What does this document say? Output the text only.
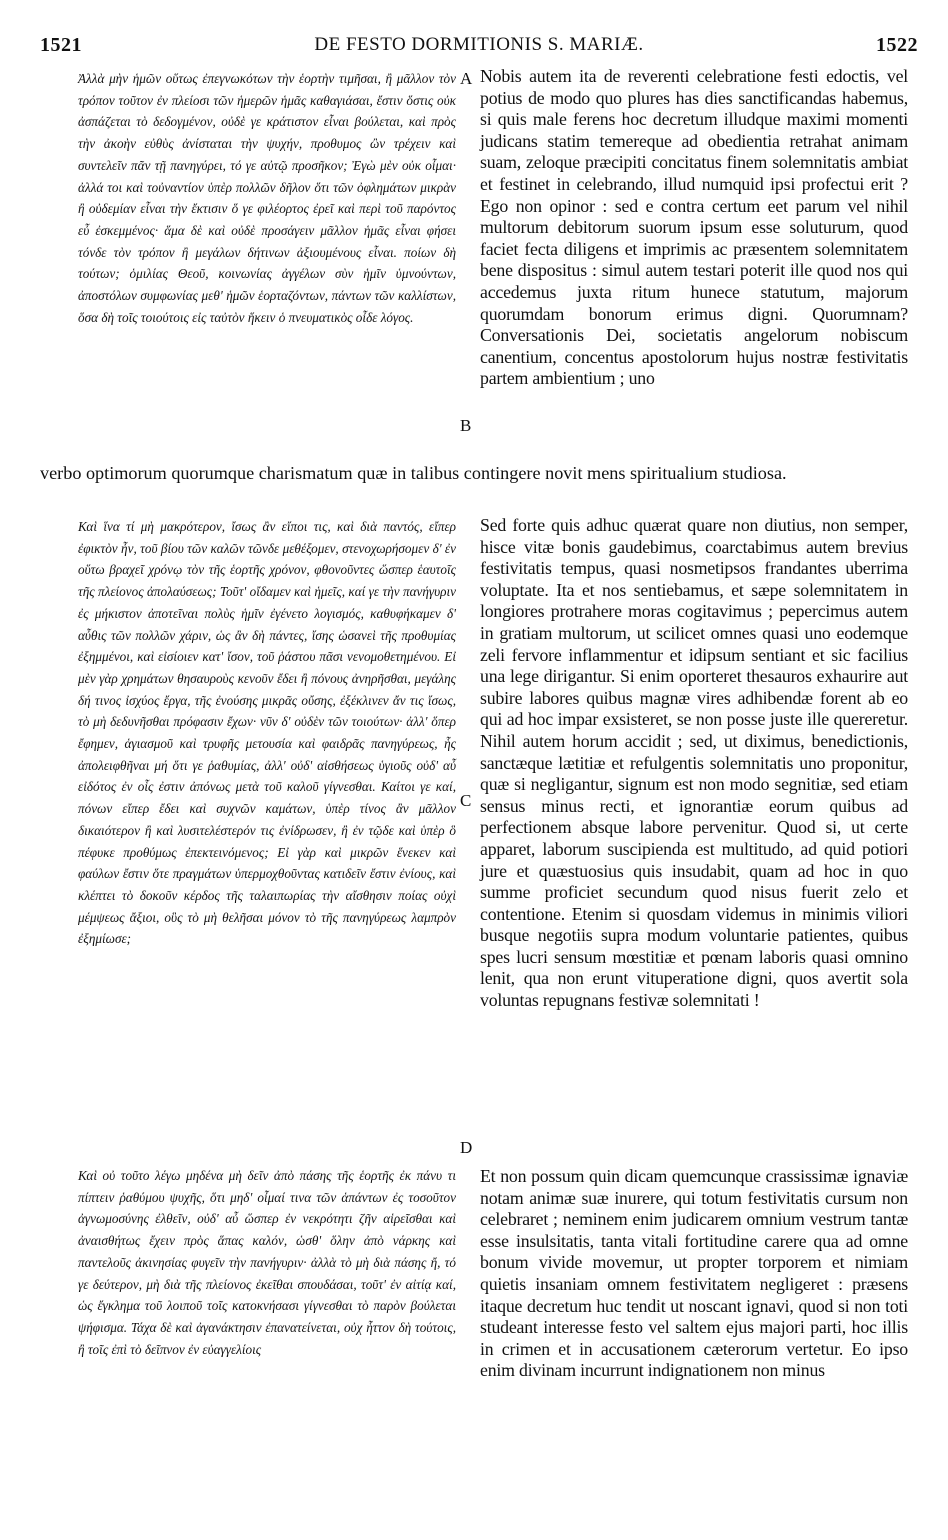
1521	DE FESTO DORMITIONIS S. MARIÆ.	1522

Ἀλλὰ μὴν ἡμῶν οὕτως ἐπεγνωκότων τὴν ἑορτὴν τιμῆσαι, ἢ μᾶλλον τὸν τρόπον τοῦτον ἐν πλείοσι τῶν ἡμερῶν ἡμᾶς καθαγιάσαι, ἔστιν ὅστις οὐκ ἀσπάζεται τὸ δεδογμένον, οὐδὲ γε κράτιστον εἶναι βούλεται, καὶ πρὸς τὴν ἀκοὴν εὐθὺς ἀνίσταται τὴν ψυχήν, προθυμος ὢν τρέχειν καὶ συντελεῖν πᾶν τῇ πανηγύρει, τό γε αὐτῷ προσῆκον; Ἐγὼ μὲν οὐκ οἶμαι· ἀλλά τοι καὶ τοὐναντίον ὑπὲρ πολλῶν δῆλον ὅτι τῶν ὀφλημάτων μικρὰν ἢ οὐδεμίαν εἶναι τὴν ἔκτισιν ὅ γε φιλέορτος ἐρεῖ καὶ περὶ τοῦ παρόντος εὖ ἐσκεμμένος· ἅμα δὲ καὶ οὐδὲ προσάγειν μᾶλλον ἡμᾶς εἶναι φήσει τόνδε τὸν τρόπον ἢ μεγάλων δήτινων ἀξιουμένους εἶναι. ποίων δὴ τούτων; ὁμιλίας Θεοῦ, κοινωνίας ἀγγέλων σὺν ἡμῖν ὑμνούντων, ἀποστόλων συμφωνίας μεθ' ἡμῶν ἑορταζόντων, πάντων τῶν καλλίστων, ὅσα δὴ τοῖς τοιούτοις εἰς ταὐτὸν ἥκειν ὁ πνευματικὸς οἶδε λόγος.

Nobis autem ita de reverenti celebratione festi edoctis, vel potius de modo quo plures has dies sanctificandas habemus, si quis male ferens hoc decretum illudque maximi momenti judicans statim temereque ad obedientia retrahat animam suam, zeloque præcipiti concitatus finem solemnitatis ambiat et festinet in celebrando, illud numquid ipsi profectui erit ? Ego non opinor : sed e contra certum eet parum vel nihil multorum debitorum suorum ipsum esse soluturum, quod faciet fecta diligens et imprimis ac præsentem solemnitatem bene dispositus : simul autem testari poterit ille quod nos qui accedemus juxta ritum hunece statutum, majorum quorumdam bonorum erimus digni. Quorumnam? Conversationis Dei, societatis angelorum nobiscum canentium, concentus apostolorum hujus nostræ festivitatis partem ambientium ; uno

verbo optimorum quorumque charismatum quæ in talibus contingere novit mens spiritualium studiosa.

Καὶ ἵνα τί μὴ μακρότερον, ἴσως ἂν εἴποι τις, καὶ διὰ παντός, εἴπερ ἐφικτὸν ἦν, τοῦ βίου τῶν καλῶν τῶνδε μεθέξομεν, στενοχωρήσομεν δ' ἐν οὕτω βραχεῖ χρόνῳ τὸν τῆς ἑορτῆς χρόνον, φθονοῦντες ὥσπερ ἑαυτοῖς τῆς πλείονος ἀπολαύσεως; Τοῦτ' οἴδαμεν καὶ ἡμεῖς, καί γε τὴν πανήγυριν ἐς μήκιστον ἀποτεῖναι πολὺς ἡμῖν ἐγένετο λογισμός, καθυφήκαμεν δ' αὖθις τῶν πολλῶν χάριν, ὡς ἂν δὴ πάντες, ἴσης ὡσανεὶ τῆς προθυμίας ἐξημμένοι, καὶ εἰσίοιεν κατ' ἴσον, τοῦ ῥάστου πᾶσι νενομοθετημένου. Εἰ μὲν γὰρ χρημάτων θησαυροὺς κενοῦν ἔδει ἢ πόνους ἀνηρῆσθαι, μεγάλης δή τινος ἰσχύος ἔργα, τῆς ἐνούσης μικρᾶς οὔσης, ἐξέκλινεν ἄν τις ἴσως, τὸ μὴ δεδυνῆσθαι πρόφασιν ἔχων· νῦν δ' οὐδὲν τῶν τοιούτων· ἀλλ' ὅπερ ἔφημεν, ἁγιασμοῦ καὶ τρυφῆς μετουσία καὶ φαιδρᾶς πανηγύρεως, ἧς ἀπολειφθῆναι μή ὅτι γε ῥαθυμίας, ἀλλ' οὐδ' αἰσθήσεως ὑγιοῦς οὐδ' αὖ εἰδότος ἐν οἷς ἐστιν ἀπόνως μετὰ τοῦ καλοῦ γίγνεσθαι. Καίτοι γε καί, πόνων εἴπερ ἔδει καὶ συχνῶν καμάτων, ὑπὲρ τίνος ἂν μᾶλλον δικαιότερον ἢ καὶ λυσιτελέστερόν τις ἐνίδρωσεν, ἢ ἐν τῷδε καὶ ὑπὲρ ὃ πέφυκε προθύμως ἐπεκτεινόμενος; Εἰ γὰρ καὶ μικρῶν ἕνεκεν καὶ φαύλων ἔστιν ὅτε πραγμάτων ὑπερμοχθοῦντας κατιδεῖν ἔστιν ἐνίους, καὶ κλέπτει τὸ δοκοῦν κέρδος τῆς ταλαιπωρίας τὴν αἴσθησιν ποίας οὐχὶ μέμψεως ἄξιοι, οὓς τὸ μὴ θελῆσαι μόνον τὸ τῆς πανηγύρεως λαμπρὸν ἐξημίωσε;

Sed forte quis adhuc quærat quare non diutius, non semper, hisce vitæ bonis gaudebimus, coarctabimus autem brevius festivitatis tempus, quasi nosmetipsos frandantes uberrima voluptate. Ita et nos sentiebamus, et sæpe solemnitatem in longiores protrahere moras cogitavimus ; pepercimus autem in gratiam multorum, ut scilicet omnes quasi uno eodemque zeli fervore inflammentur et idipsum sentiant et sic facilius una lege dirigantur. Si enim oporteret thesauros exhaurire aut subire labores quibus magnæ vires adhibendæ forent ab eo qui ad hoc impar exsisteret, se non posse juste ille quereretur. Nihil autem horum accidit ; sed, ut diximus, benedictionis, sanctæque lætitiæ et refulgentis solemnitatis uno proponitur, quæ si negligantur, signum est non modo segnitiæ, sed etiam sensus minus recti, et ignorantiæ eorum quibus ad perfectionem absque labore pervenitur. Quod si, ut certe apparet, laborum suscipienda est multitudo, ad quid potiori jure et quæstuosius quis insudabit, quam ad hoc in quo summe proficiet secundum quod nisus fuerit zelo et contentione. Etenim si quosdam videmus in minimis viliori busque negotiis supra modum voluntarie patientes, quibus spes lucri sensum mœstitiæ et pœnam laboris quasi omnino lenit, qua non erunt vituperatione digni, quos avertit sola voluntas repugnans festivæ solemnitati !

Καὶ οὐ τοῦτο λέγω μηδένα μὴ δεῖν ἀπὸ πάσης τῆς ἑορτῆς ἐκ πάνυ τι πίπτειν ῥαθύμου ψυχῆς, ὅτι μηδ' οἶμαί τινα τῶν ἁπάντων ἐς τοσοῦτον ἀγνωμοσύνης ἐλθεῖν, οὐδ' αὖ ὥσπερ ἐν νεκρότητι ζῆν αἱρεῖσθαι καὶ ἀναισθήτως ἔχειν πρὸς ἅπας καλόν, ὡσθ' ὅλην ἀπὸ νάρκης καὶ παντελοῦς ἀκινησίας φυγεῖν τὴν πανήγυριν· ἀλλὰ τὸ μὴ διὰ πάσης ἤ, τό γε δεύτερον, μὴ διὰ τῆς πλείονος ἐκεῖθαι σπουδάσαι, τοῦτ' ἐν αἰτίᾳ καί, ὡς ἔγκλημα τοῦ λοιποῦ τοῖς κατοκνήσασι γίγνεσθαι τὸ παρὸν βούλεται ψήφισμα. Τάχα δὲ καὶ ἀγανάκτησιν ἐπανατείνεται, οὐχ ἧττον δὴ τούτοις, ἢ τοῖς ἐπὶ τὸ δεῖπνον ἐν εὐαγγελίοις

Et non possum quin dicam quemcunque crassissimæ ignaviæ notam animæ suæ inurere, qui totum festivitatis cursum non celebraret ; neminem enim judicarem omnium vestrum tantæ esse insulsitatis, tanta vitali fortitudine carere qua ad omne bonum vivide movemur, ut propter torporem et nimiam quietis insaniam omnem festivitatem negligeret : præsens itaque decretum huc tendit ut noscant ignavi, quod si non toti studeant interesse festo vel saltem ejus majori parti, hoc illis in crimen et in accusationem cæterorum vertetur. Eo ipso enim divinam incurrunt indignationem non minus

A
B
C
D
